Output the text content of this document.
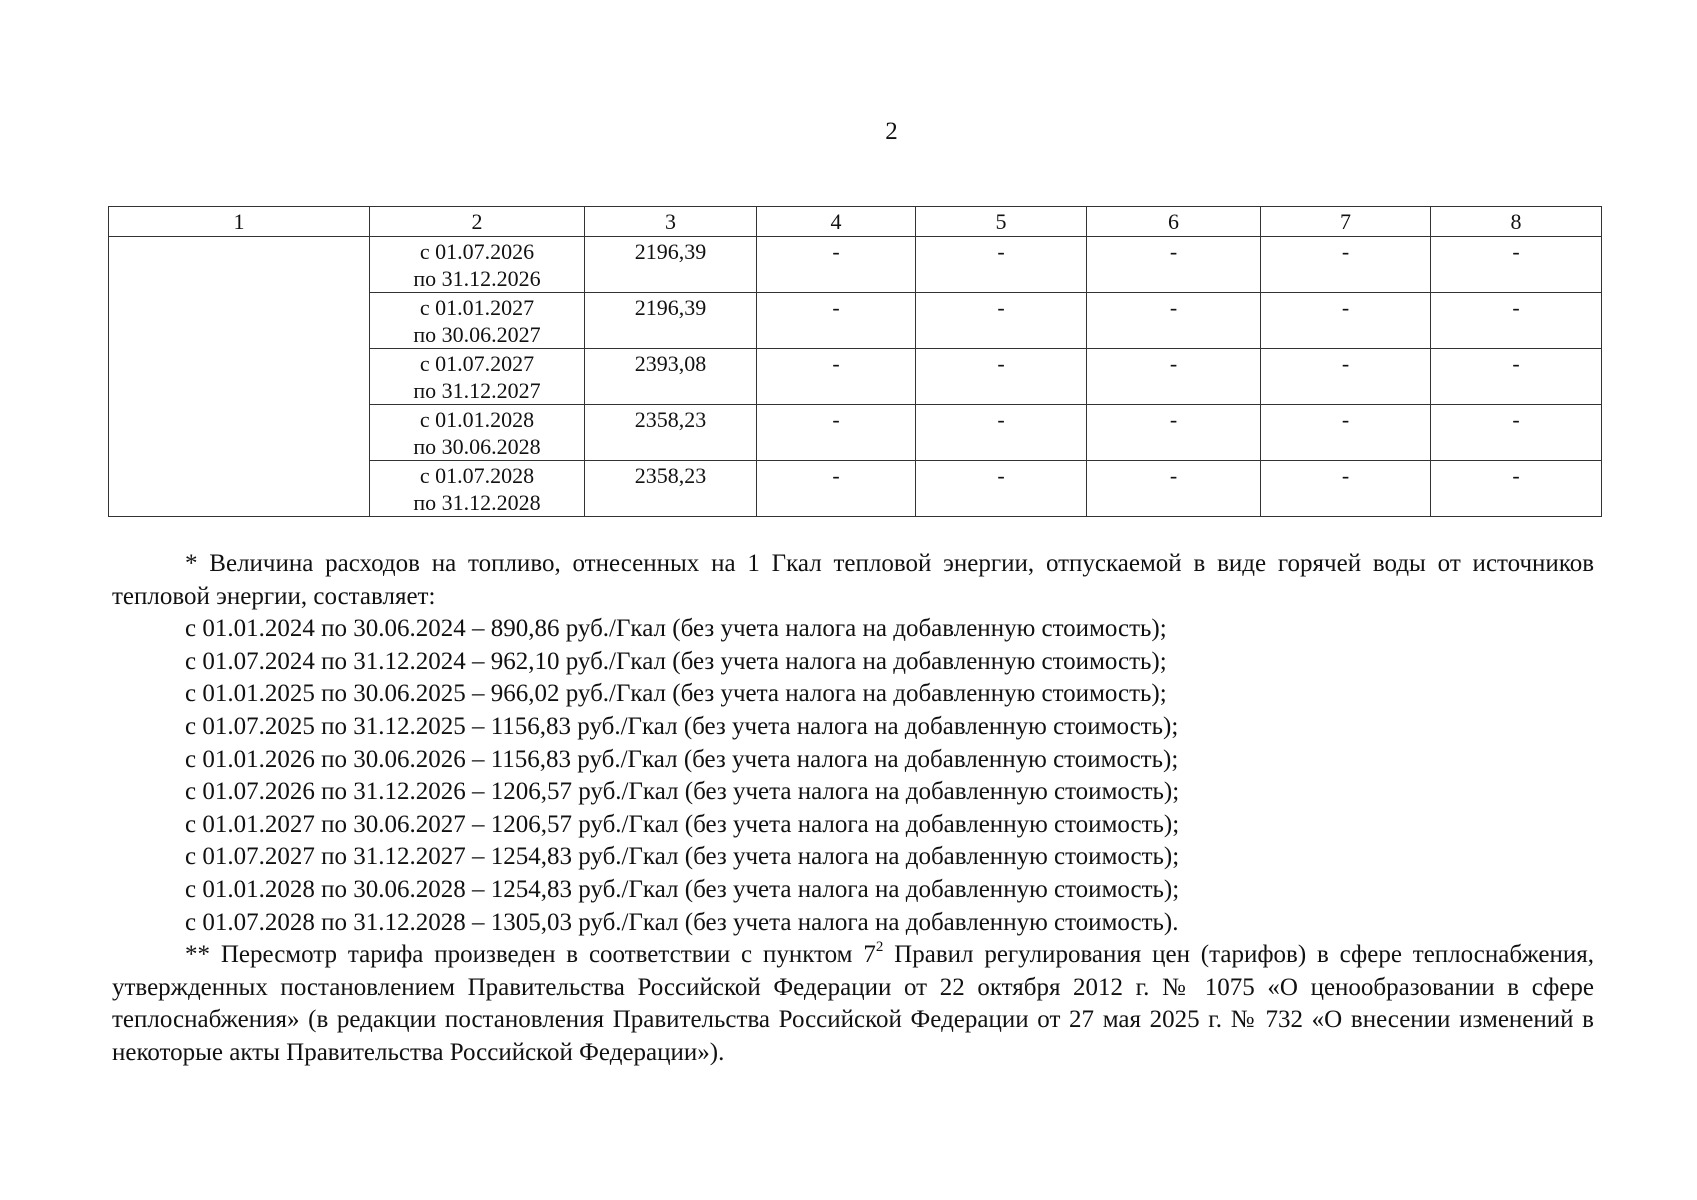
2
1	2	3	4	5	6	7	8

	с 01.07.2026
по 31.12.2026	2196,39	-	-	-	-	-

	с 01.01.2027
по 30.06.2027	2196,39	-	-	-	-	-

	с 01.07.2027
по 31.12.2027	2393,08	-	-	-	-	-

	с 01.01.2028
по 30.06.2028	2358,23	-	-	-	-	-

	с 01.07.2028
по 31.12.2028	2358,23	-	-	-	-	-

* Величина расходов на топливо, отнесенных на 1 Гкал тепловой энергии, отпускаемой в виде горячей воды от источников тепловой энергии, составляет:

с 01.01.2024 по 30.06.2024 – 890,86 руб./Гкал (без учета налога на добавленную стоимость);
с 01.07.2024 по 31.12.2024 – 962,10 руб./Гкал (без учета налога на добавленную стоимость);
с 01.01.2025 по 30.06.2025 – 966,02 руб./Гкал (без учета налога на добавленную стоимость);
с 01.07.2025 по 31.12.2025 – 1156,83 руб./Гкал (без учета налога на добавленную стоимость);
с 01.01.2026 по 30.06.2026 – 1156,83 руб./Гкал (без учета налога на добавленную стоимость);
с 01.07.2026 по 31.12.2026 – 1206,57 руб./Гкал (без учета налога на добавленную стоимость);
с 01.01.2027 по 30.06.2027 – 1206,57 руб./Гкал (без учета налога на добавленную стоимость);
с 01.07.2027 по 31.12.2027 – 1254,83 руб./Гкал (без учета налога на добавленную стоимость);
с 01.01.2028 по 30.06.2028 – 1254,83 руб./Гкал (без учета налога на добавленную стоимость);
с 01.07.2028 по 31.12.2028 – 1305,03 руб./Гкал (без учета налога на добавленную стоимость).

** Пересмотр тарифа произведен в соответствии с пунктом $7^2$ Правил регулирования цен (тарифов) в сфере теплоснабжения, утвержденных постановлением Правительства Российской Федерации от 22 октября 2012 г. № 1075 «О ценообразовании в сфере теплоснабжения» (в редакции постановления Правительства Российской Федерации от 27 мая 2025 г. № 732 «О внесении изменений в некоторые акты Правительства Российской Федерации»).
